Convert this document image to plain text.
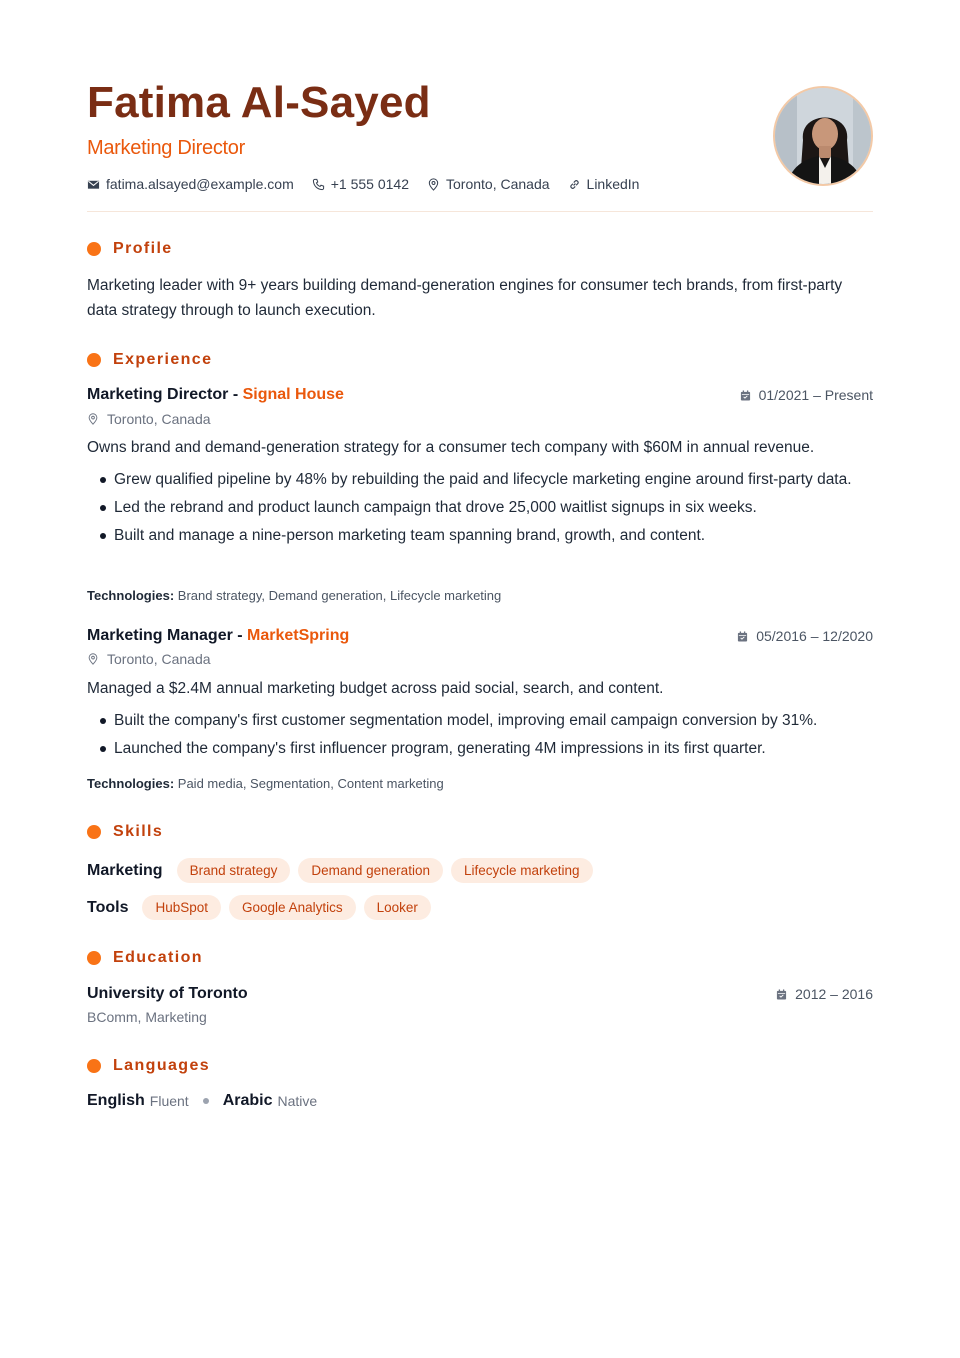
Fatima Al-Sayed
Marketing Director
fatima.alsayed@example.com	+1 555 0142	Toronto, Canada	LinkedIn
Profile
Marketing leader with 9+ years building demand-generation engines for consumer tech brands, from first-party data strategy through to launch execution.
Experience
Marketing Director - Signal House	01/2021 – Present
Toronto, Canada
Owns brand and demand-generation strategy for a consumer tech company with $60M in annual revenue.
Grew qualified pipeline by 48% by rebuilding the paid and lifecycle marketing engine around first-party data.
Led the rebrand and product launch campaign that drove 25,000 waitlist signups in six weeks.
Built and manage a nine-person marketing team spanning brand, growth, and content.
Technologies: Brand strategy, Demand generation, Lifecycle marketing
Marketing Manager - MarketSpring	05/2016 – 12/2020
Toronto, Canada
Managed a $2.4M annual marketing budget across paid social, search, and content.
Built the company's first customer segmentation model, improving email campaign conversion by 31%.
Launched the company's first influencer program, generating 4M impressions in its first quarter.
Technologies: Paid media, Segmentation, Content marketing
Skills
Marketing	Brand strategy	Demand generation	Lifecycle marketing
Tools	HubSpot	Google Analytics	Looker
Education
University of Toronto	2012 – 2016
BComm, Marketing
Languages
English Fluent Arabic Native
